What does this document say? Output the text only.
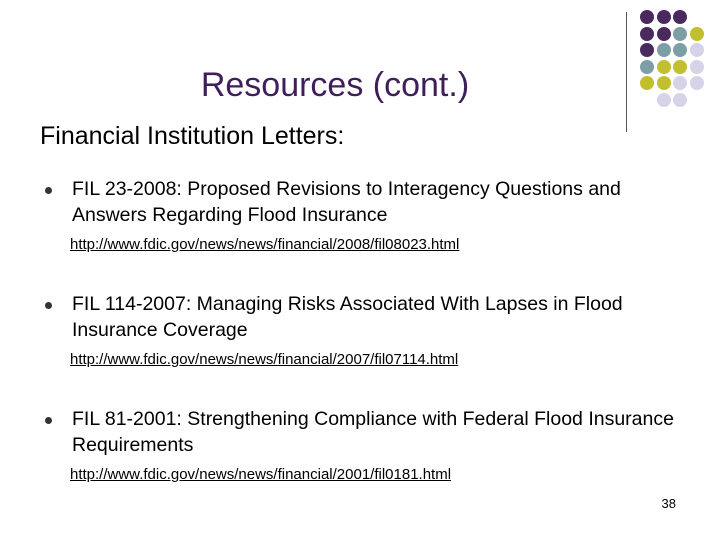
Resources (cont.)
Financial Institution Letters:
FIL 23-2008: Proposed Revisions to Interagency Questions and Answers Regarding Flood Insurance
http://www.fdic.gov/news/news/financial/2008/fil08023.html
FIL 114-2007: Managing Risks Associated With Lapses in Flood Insurance Coverage
http://www.fdic.gov/news/news/financial/2007/fil07114.html
FIL 81-2001: Strengthening Compliance with Federal Flood Insurance Requirements
http://www.fdic.gov/news/news/financial/2001/fil0181.html
38
